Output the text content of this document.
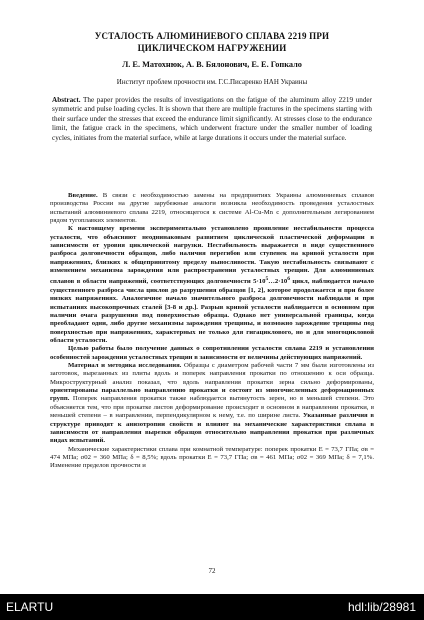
УСТАЛОСТЬ АЛЮМИНИЕВОГО СПЛАВА 2219 ПРИ
ЦИКЛИЧЕСКОМ НАГРУЖЕНИИ
Л. Е. Матохнюк, А. В. Бялонович, Е. Е. Гопкало
Институт проблем прочности им. Г.С.Писаренко НАН Украины
Abstract. The paper provides the results of investigations on the fatigue of the aluminum alloy 2219 under symmetric and pulse loading cycles. It is shown that there are multiple fractures in the specimens starting with their surface under the stresses that exceed the endurance limit significantly. At stresses close to the endurance limit, the fatigue crack in the specimens, which underwent fracture under the smaller number of loading cycles, initiates from the material surface, while at large durations it occurs under the material surface.

Введение. В связи с необходимостью замены на предприятиях Украины алюминиевых сплавов производства России на другие зарубежные аналоги возникла необходимость проведения усталостных испытаний алюминиевого сплава 2219, относящегося к системе Al-Cu-Mn с дополнительным легированием рядом тугоплавких элементов.

К настоящему времени экспериментально установлено проявление нестабильности процесса усталости, что объясняют неоднинаковым развитием циклической пластической деформации в зависимости от уровня циклической нагрузки. Нестабильность выражается в виде существенного разброса долговечности образцов, либо наличия перегибов или ступенек на кривой усталости при напряжениях, близких к общепринятому пределу выносливости. Такую нестабильность связывают с изменением механизма зарождения или распространения усталостных трещин. Для алюминиевых сплавов в области напряжений, соответствующих долговечности $5\cdot 10^5\dots 2\cdot 10^6$ цикл, наблюдается начало существенного разброса числа циклов до разрушения образцов [1, 2], которое продолжается и при более низких напряжениях. Аналогичное начало значительного разброса долговечности наблюдали и при испытаниях высокопрочных сталей [3-8 и др.]. Разрыв кривой усталости наблюдается в основном при наличии очага разрушения под поверхностью образца. Однако нет универсальной границы, когда преобладают одни, либо другие механизмы зарождения трещины, и возможно зарождение трещины под поверхностью при напряжениях, характерных не только для гигациклового, но и для многоцикловой области усталости.

Целью работы было получение данных о сопротивлении усталости сплава 2219 и установлении особенностей зарождения усталостных трещин в зависимости от величины действующих напряжений.

Материал и методика исследования. Образцы с диаметром рабочей части 7 мм были изготовлены из заготовок, вырезанных из плиты вдоль и поперек направления прокатки по отношению к оси образца. Микроструктурный анализ показал, что вдоль направления прокатки зерна сильно деформированы, ориентированы параллельно направлению прокатки и состоят из многочисленных деформационных групп. Поперек направления прокатки также наблюдается вытянутость зерен, но в меньшей степени. Это объясняется тем, что при прокатке листов деформирование происходит в основном в направлении прокатки, в меньшей степени – в направлении, перпендикулярном к нему, т.е. по ширине листа. Указанные различия в структуре приводят к анизотропии свойств и влияют на механические характеристики сплава в зависимости от направления вырезки образцов относительно направления прокатки при различных видах испытаний.

Механические характеристики сплава при комнатной температуре: поперек прокатки E = 73,7 ГПа; σв = 474 МПа; σ02 = 360 МПа; δ = 8,5%; вдоль прокатки E = 73,7 ГПа; σв = 461 МПа; σ02 = 369 МПа; δ = 7,1%. Изменение пределов прочности и

72
ELARTU	hdl:lib/28981
